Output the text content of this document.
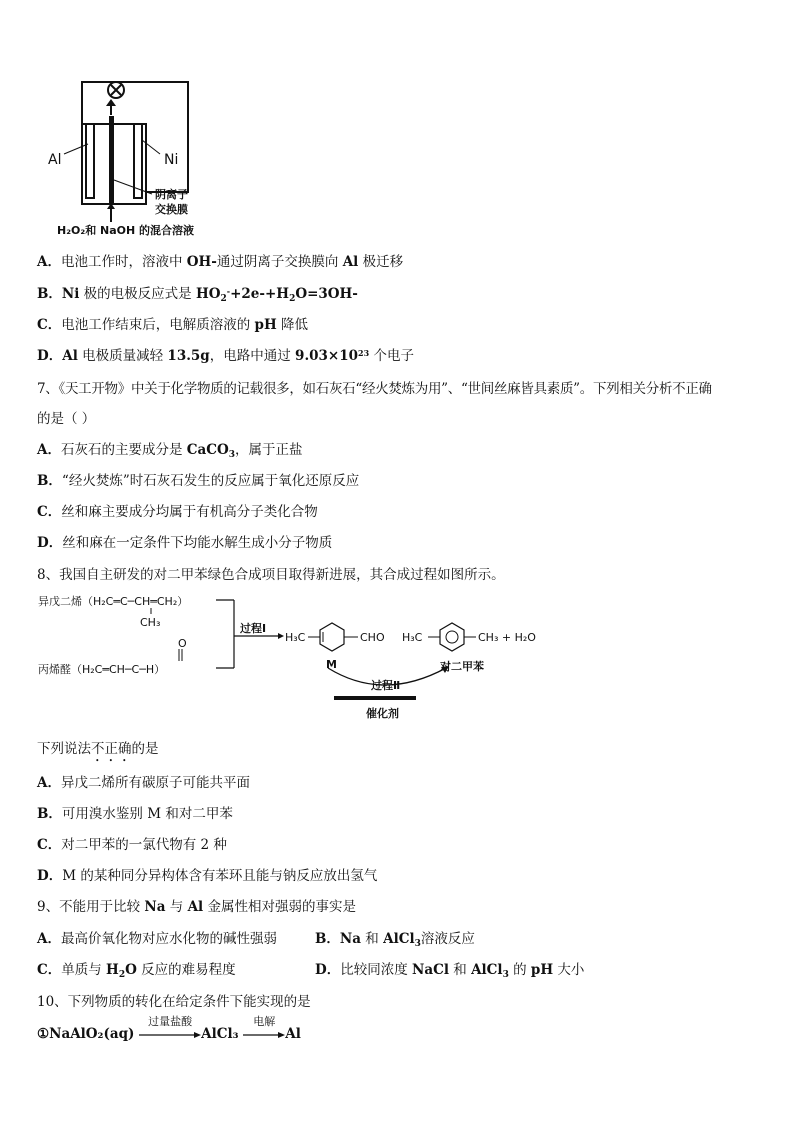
Al	Ni
阴离子
交换膜
H₂O₂和 NaOH 的混合溶液
A．电池工作时，溶液中 OH-通过阴离子交换膜向 Al 极迁移
B．Ni 极的电极反应式是 $HO_2^-+2e-+H_2O=3OH-$
C．电池工作结束后，电解质溶液的 pH 降低
D．Al 电极质量减轻 13.5g，电路中通过 $9.03\times 10^{23}$ 个电子
7、《天工开物》中关于化学物质的记载很多，如石灰石“经火焚炼为用”、“世间丝麻皆具素质”。下列相关分析不正确
的是（ ）
A．石灰石的主要成分是 CaCO$_3$，属于正盐
B．“经火焚炼”时石灰石发生的反应属于氧化还原反应
C．丝和麻主要成分均属于有机高分子类化合物
D．丝和麻在一定条件下均能水解生成小分子物质
8、我国自主研发的对二甲苯绿色合成项目取得新进展，其合成过程如图所示。
异戊二烯（H₂C═C─CH═CH₂）
CH₃
丙烯醛（H₂C═CH─C─H）
O
过程Ⅰ
H₃C	CHO H₃C	CH₃ + H₂O
M	对二甲苯
过程Ⅱ
催化剂
下列说法不正确的是
A．异戊二烯所有碳原子可能共平面
B．可用溴水鉴别 M 和对二甲苯
C．对二甲苯的一氯代物有 2 种
D．M 的某种同分异构体含有苯环且能与钠反应放出氢气
9、不能用于比较 Na 与 Al 金属性相对强弱的事实是
A．最高价氧化物对应水化物的碱性强弱	B．Na 和 AlCl$_3$溶液反应
C．单质与 $H_2O$ 反应的难易程度	D．比较同浓度 NaCl 和 AlCl$_3$ 的 pH 大小
10、下列物质的转化在给定条件下能实现的是
①NaAlO₂(aq)
过量盐酸
AlCl₃
电解
Al
